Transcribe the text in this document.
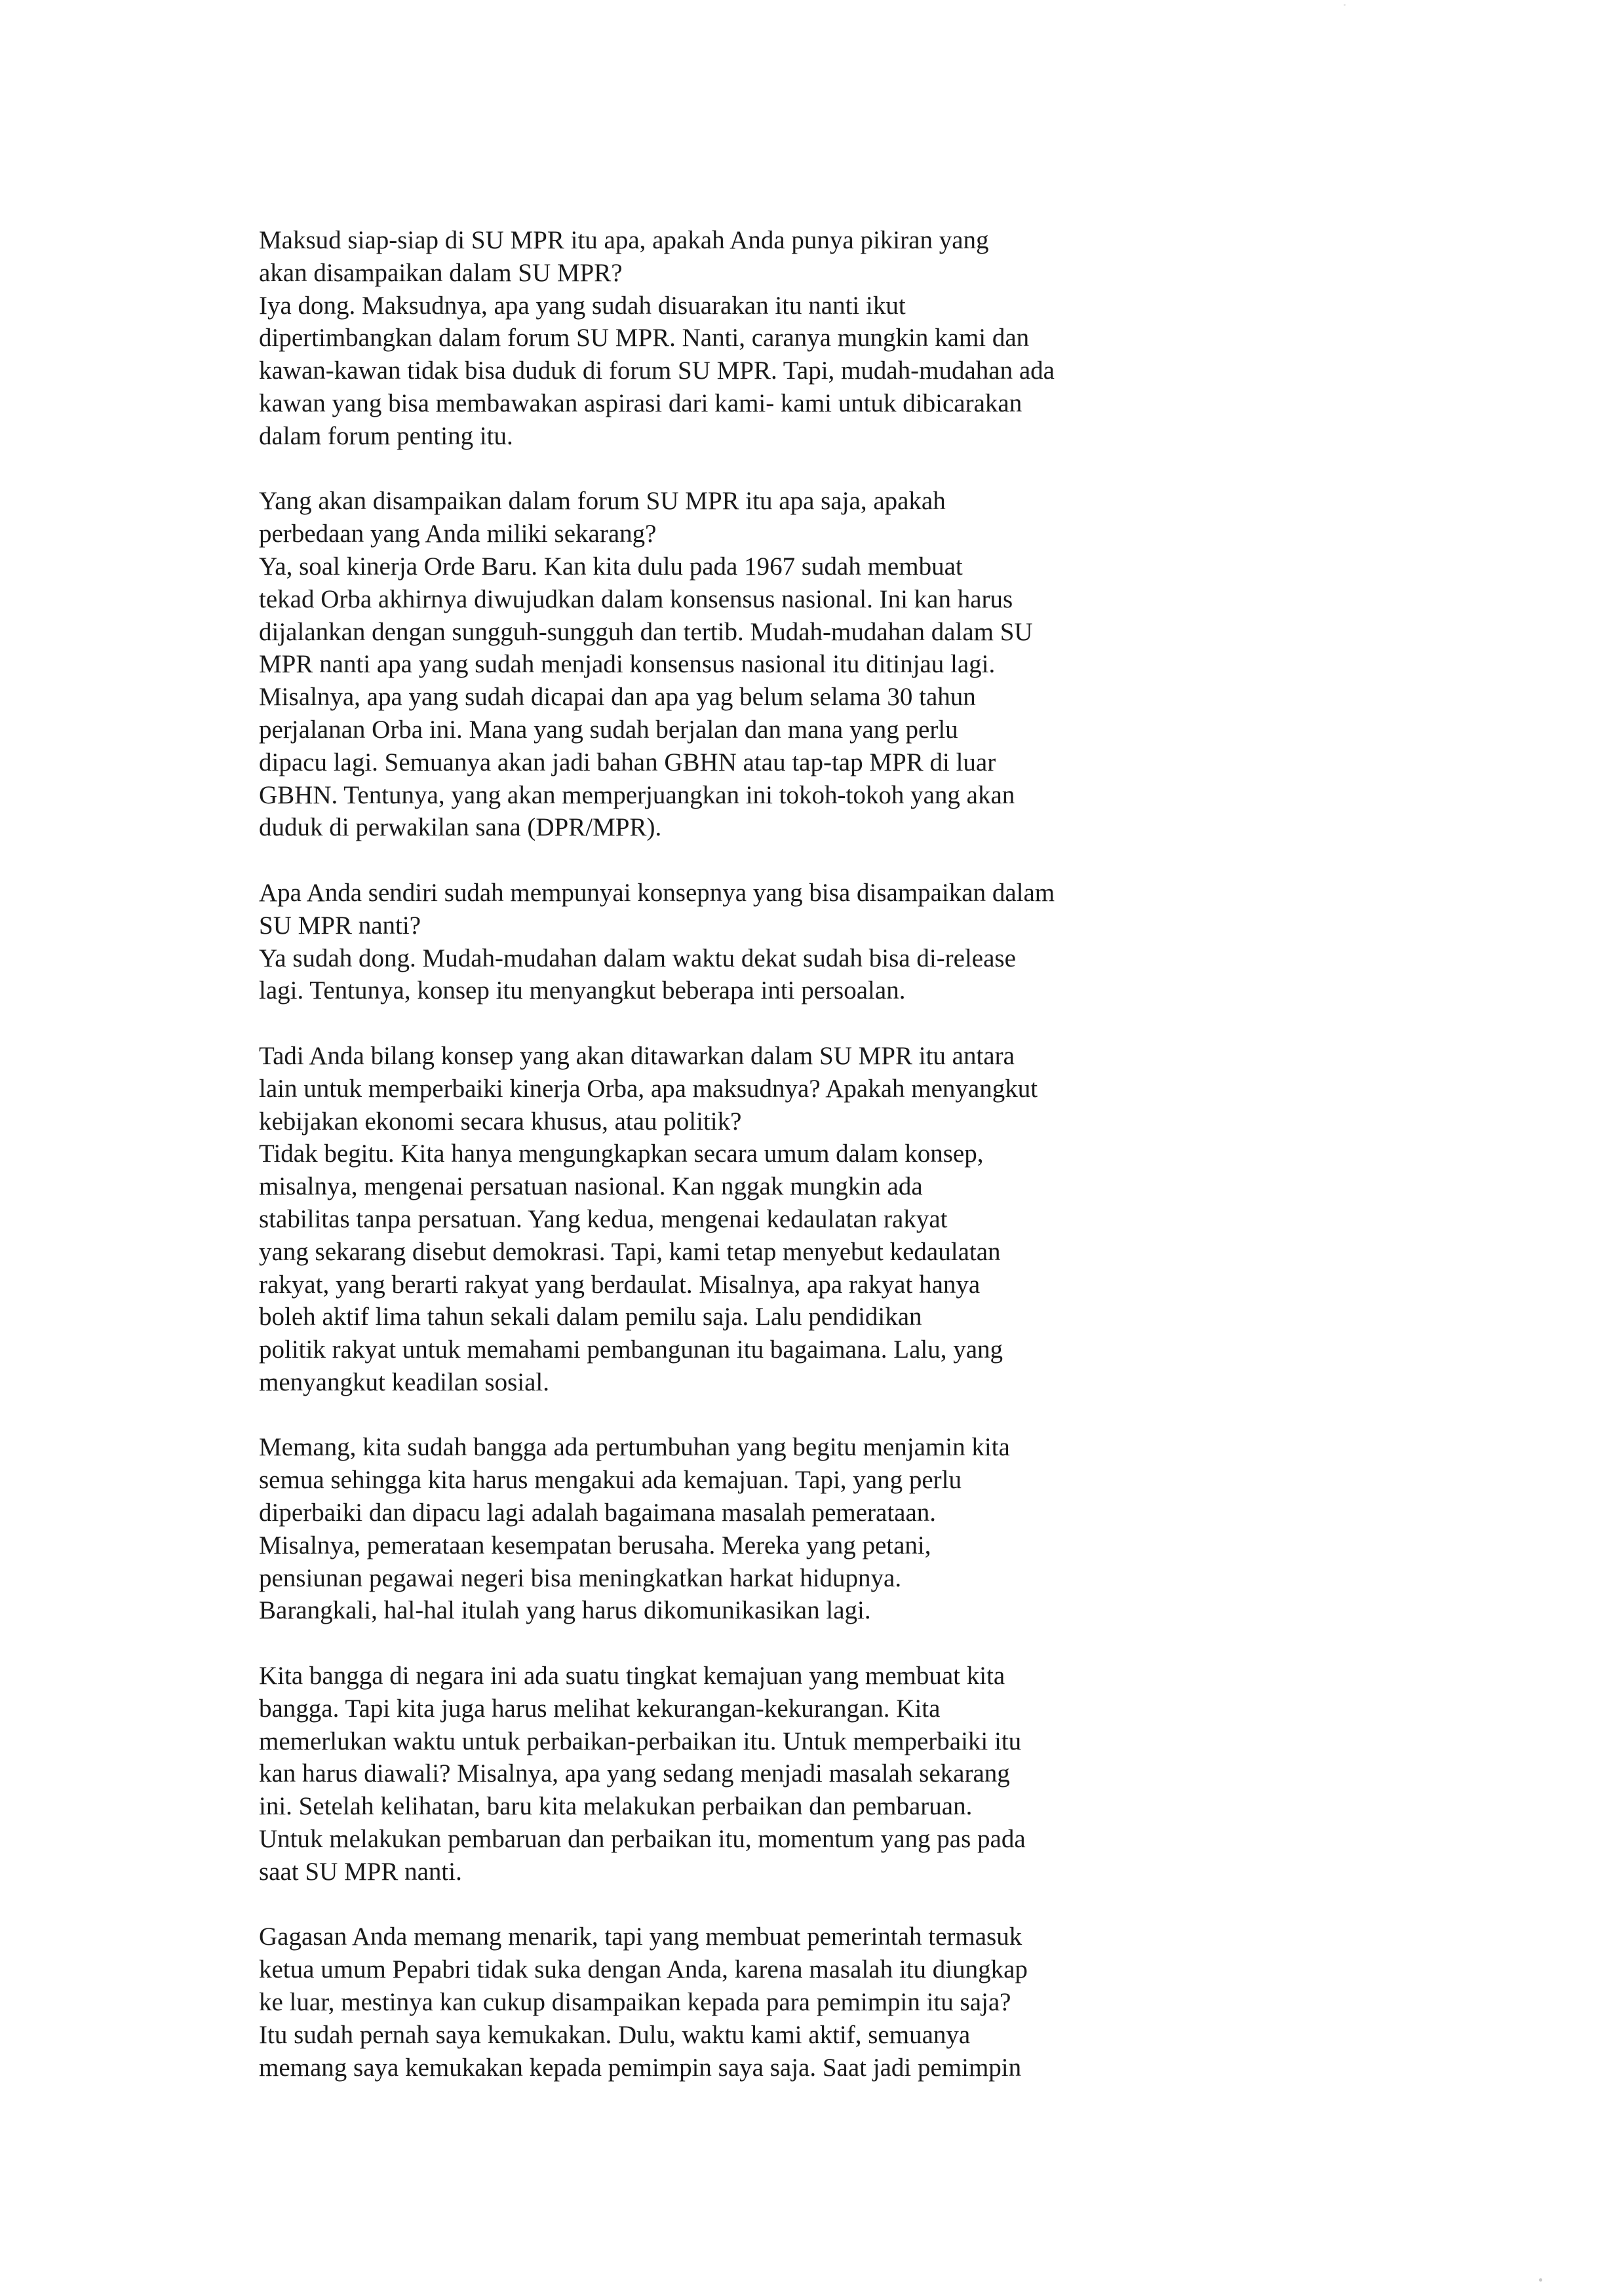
Maksud siap-siap di SU MPR itu apa, apakah Anda punya pikiran yang
akan disampaikan dalam SU MPR?
Iya dong. Maksudnya, apa yang sudah disuarakan itu nanti ikut
dipertimbangkan dalam forum SU MPR. Nanti, caranya mungkin kami dan
kawan-kawan tidak bisa duduk di forum SU MPR. Tapi, mudah-mudahan ada
kawan yang bisa membawakan aspirasi dari kami- kami untuk dibicarakan
dalam forum penting itu.
Yang akan disampaikan dalam forum SU MPR itu apa saja, apakah
perbedaan yang Anda miliki sekarang?
Ya, soal kinerja Orde Baru. Kan kita dulu pada 1967 sudah membuat
tekad Orba akhirnya diwujudkan dalam konsensus nasional. Ini kan harus
dijalankan dengan sungguh-sungguh dan tertib. Mudah-mudahan dalam SU
MPR nanti apa yang sudah menjadi konsensus nasional itu ditinjau lagi.
Misalnya, apa yang sudah dicapai dan apa yag belum selama 30 tahun
perjalanan Orba ini. Mana yang sudah berjalan dan mana yang perlu
dipacu lagi. Semuanya akan jadi bahan GBHN atau tap-tap MPR di luar
GBHN. Tentunya, yang akan memperjuangkan ini tokoh-tokoh yang akan
duduk di perwakilan sana (DPR/MPR).
Apa Anda sendiri sudah mempunyai konsepnya yang bisa disampaikan dalam
SU MPR nanti?
Ya sudah dong. Mudah-mudahan dalam waktu dekat sudah bisa di-release
lagi. Tentunya, konsep itu menyangkut beberapa inti persoalan.
Tadi Anda bilang konsep yang akan ditawarkan dalam SU MPR itu antara
lain untuk memperbaiki kinerja Orba, apa maksudnya? Apakah menyangkut
kebijakan ekonomi secara khusus, atau politik?
Tidak begitu. Kita hanya mengungkapkan secara umum dalam konsep,
misalnya, mengenai persatuan nasional. Kan nggak mungkin ada
stabilitas tanpa persatuan. Yang kedua, mengenai kedaulatan rakyat
yang sekarang disebut demokrasi. Tapi, kami tetap menyebut kedaulatan
rakyat, yang berarti rakyat yang berdaulat. Misalnya, apa rakyat hanya
boleh aktif lima tahun sekali dalam pemilu saja. Lalu pendidikan
politik rakyat untuk memahami pembangunan itu bagaimana. Lalu, yang
menyangkut keadilan sosial.
Memang, kita sudah bangga ada pertumbuhan yang begitu menjamin kita
semua sehingga kita harus mengakui ada kemajuan. Tapi, yang perlu
diperbaiki dan dipacu lagi adalah bagaimana masalah pemerataan.
Misalnya, pemerataan kesempatan berusaha. Mereka yang petani,
pensiunan pegawai negeri bisa meningkatkan harkat hidupnya.
Barangkali, hal-hal itulah yang harus dikomunikasikan lagi.
Kita bangga di negara ini ada suatu tingkat kemajuan yang membuat kita
bangga. Tapi kita juga harus melihat kekurangan-kekurangan. Kita
memerlukan waktu untuk perbaikan-perbaikan itu. Untuk memperbaiki itu
kan harus diawali? Misalnya, apa yang sedang menjadi masalah sekarang
ini. Setelah kelihatan, baru kita melakukan perbaikan dan pembaruan.
Untuk melakukan pembaruan dan perbaikan itu, momentum yang pas pada
saat SU MPR nanti.
Gagasan Anda memang menarik, tapi yang membuat pemerintah termasuk
ketua umum Pepabri tidak suka dengan Anda, karena masalah itu diungkap
ke luar, mestinya kan cukup disampaikan kepada para pemimpin itu saja?
Itu sudah pernah saya kemukakan. Dulu, waktu kami aktif, semuanya
memang saya kemukakan kepada pemimpin saya saja. Saat jadi pemimpin
